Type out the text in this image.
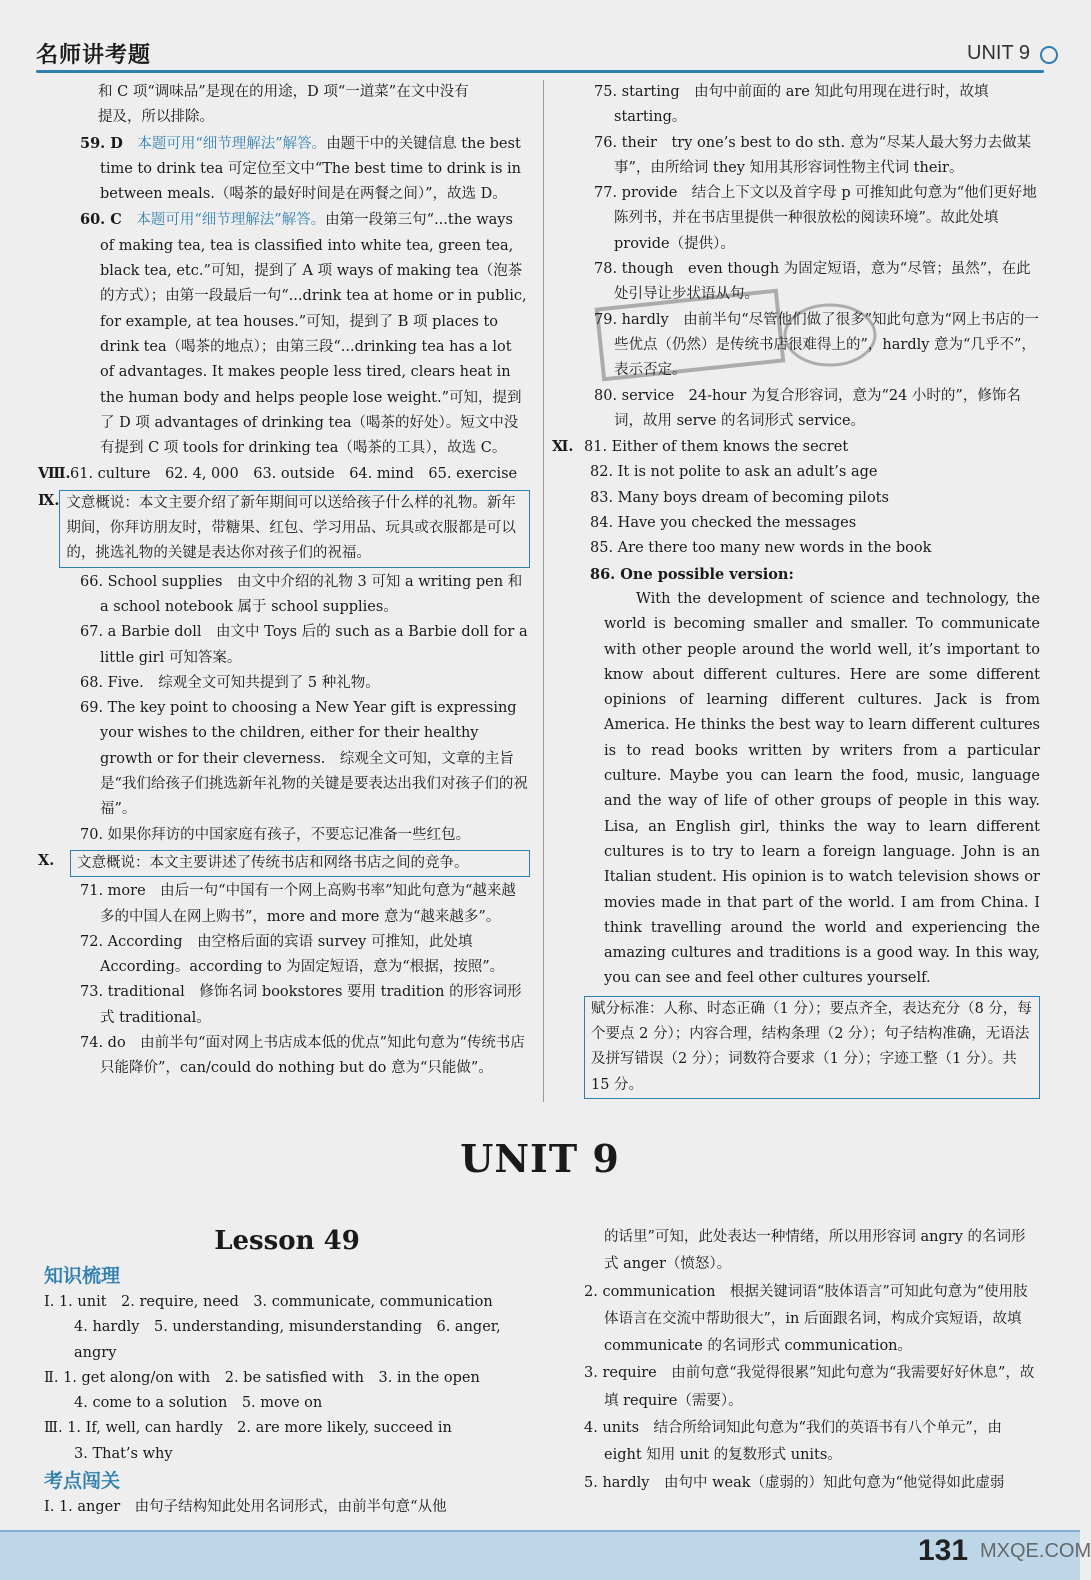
名师讲考题	UNIT 9

和 C 项“调味品”是现在的用途，D 项“一道菜”在文中没有

提及，所以排除。

59. D　 本题可用“细节理解法”解答。由题干中的关键信息 the best time to drink tea 可定位至文中“The best time to drink is in between meals.（喝茶的最好时间是在两餐之间）”，故选 D。

60. C　 本题可用“细节理解法”解答。由第一段第三句“...the ways of making tea, tea is classified into white tea, green tea, black tea, etc.”可知，提到了 A 项 ways of making tea（泡茶的方式）；由第一段最后一句“...drink tea at home or in public, for example, at tea houses.”可知，提到了 B 项 places to drink tea（喝茶的地点）；由第三段“...drinking tea has a lot of advantages. It makes people less tired, clears heat in the human body and helps people lose weight.”可知，提到了 D 项 advantages of drinking tea（喝茶的好处）。短文中没有提到 C 项 tools for drinking tea（喝茶的工具），故选 C。

Ⅷ.61. culture　62. 4, 000　63. outside　64. mind　65. exercise

Ⅸ. 文意概说：本文主要介绍了新年期间可以送给孩子什么样的礼物。新年期间，你拜访朋友时，带糖果、红包、学习用品、玩具或衣服都是可以的，挑选礼物的关键是表达你对孩子们的祝福。

66. School supplies　由文中介绍的礼物 3 可知 a writing pen 和 a school notebook 属于 school supplies。

67. a Barbie doll　由文中 Toys 后的 such as a Barbie doll for a little girl 可知答案。

68. Five.　综观全文可知共提到了 5 种礼物。

69. The key point to choosing a New Year gift is expressing your wishes to the children, either for their healthy growth or for their cleverness.　综观全文可知，文章的主旨是“我们给孩子们挑选新年礼物的关键是要表达出我们对孩子们的祝福”。

70. 如果你拜访的中国家庭有孩子，不要忘记准备一些红包。

Ⅹ.	文意概说：本文主要讲述了传统书店和网络书店之间的竞争。

71. more　由后一句“中国有一个网上高购书率”知此句意为“越来越多的中国人在网上购书”，more and more 意为“越来越多”。

72. According　由空格后面的宾语 survey 可推知，此处填 According。according to 为固定短语，意为“根据，按照”。

73. traditional　修饰名词 bookstores 要用 tradition 的形容词形式 traditional。

74. do　由前半句“面对网上书店成本低的优点”知此句意为“传统书店只能降价”，can/could do nothing but do 意为“只能做”。

75. starting　由句中前面的 are 知此句用现在进行时，故填 starting。

76. their　try one’s best to do sth. 意为“尽某人最大努力去做某事”，由所给词 they 知用其形容词性物主代词 their。

77. provide　结合上下文以及首字母 p 可推知此句意为“他们更好地陈列书，并在书店里提供一种很放松的阅读环境”。故此处填 provide（提供）。

78. though　even though 为固定短语，意为“尽管；虽然”，在此处引导让步状语从句。

79. hardly　由前半句“尽管他们做了很多”知此句意为“网上书店的一些优点（仍然）是传统书店很难得上的”，hardly 意为“几乎不”，表示否定。

80. service　24-hour 为复合形容词，意为“24 小时的”，修饰名词，故用 serve 的名词形式 service。

Ⅺ. 81. Either of them knows the secret

82. It is not polite to ask an adult’s age

83. Many boys dream of becoming pilots

84. Have you checked the messages

85. Are there too many new words in the book

86. One possible version:

With the development of science and technology, the world is becoming smaller and smaller. To communicate with other people around the world well, it’s important to know about different cultures. Here are some different opinions of learning different cultures. Jack is from America. He thinks the best way to learn different cultures is to read books written by writers from a particular culture. Maybe you can learn the food, music, language and the way of life of other groups of people in this way. Lisa, an English girl, thinks the way to learn different cultures is to try to learn a foreign language. John is an Italian student. His opinion is to watch television shows or movies made in that part of the world. I am from China. I think travelling around the world and experiencing the amazing cultures and traditions is a good way. In this way, you can see and feel other cultures yourself.

赋分标准：人称、时态正确（1 分）；要点齐全，表达充分（8 分，每个要点 2 分）；内容合理，结构条理（2 分）；句子结构准确，无语法及拼写错误（2 分）；词数符合要求（1 分）；字迹工整（1 分）。共 15 分。
UNIT 9
Lesson 49

知识梳理

Ⅰ. 1. unit　2. require, need　3. communicate, communication

4. hardly　5. understanding, misunderstanding　6. anger, angry

Ⅱ. 1. get along/on with　2. be satisfied with　3. in the open

4. come to a solution　5. move on

Ⅲ. 1. If, well, can hardly　2. are more likely, succeed in

3. That’s why

考点闯关

Ⅰ. 1. anger　由句子结构知此处用名词形式，由前半句意“从他

的话里”可知，此处表达一种情绪，所以用形容词 angry 的名词形式 anger（愤怒）。

2. communication　根据关键词语“肢体语言”可知此句意为“使用肢体语言在交流中帮助很大”，in 后面跟名词，构成介宾短语，故填 communicate 的名词形式 communication。

3. require　由前句意“我觉得很累”知此句意为“我需要好好休息”，故填 require（需要）。

4. units　结合所给词知此句意为“我们的英语书有八个单元”，由 eight 知用 unit 的复数形式 units。

5. hardly　由句中 weak（虚弱的）知此句意为“他觉得如此虚弱

131 MXQE.COM
